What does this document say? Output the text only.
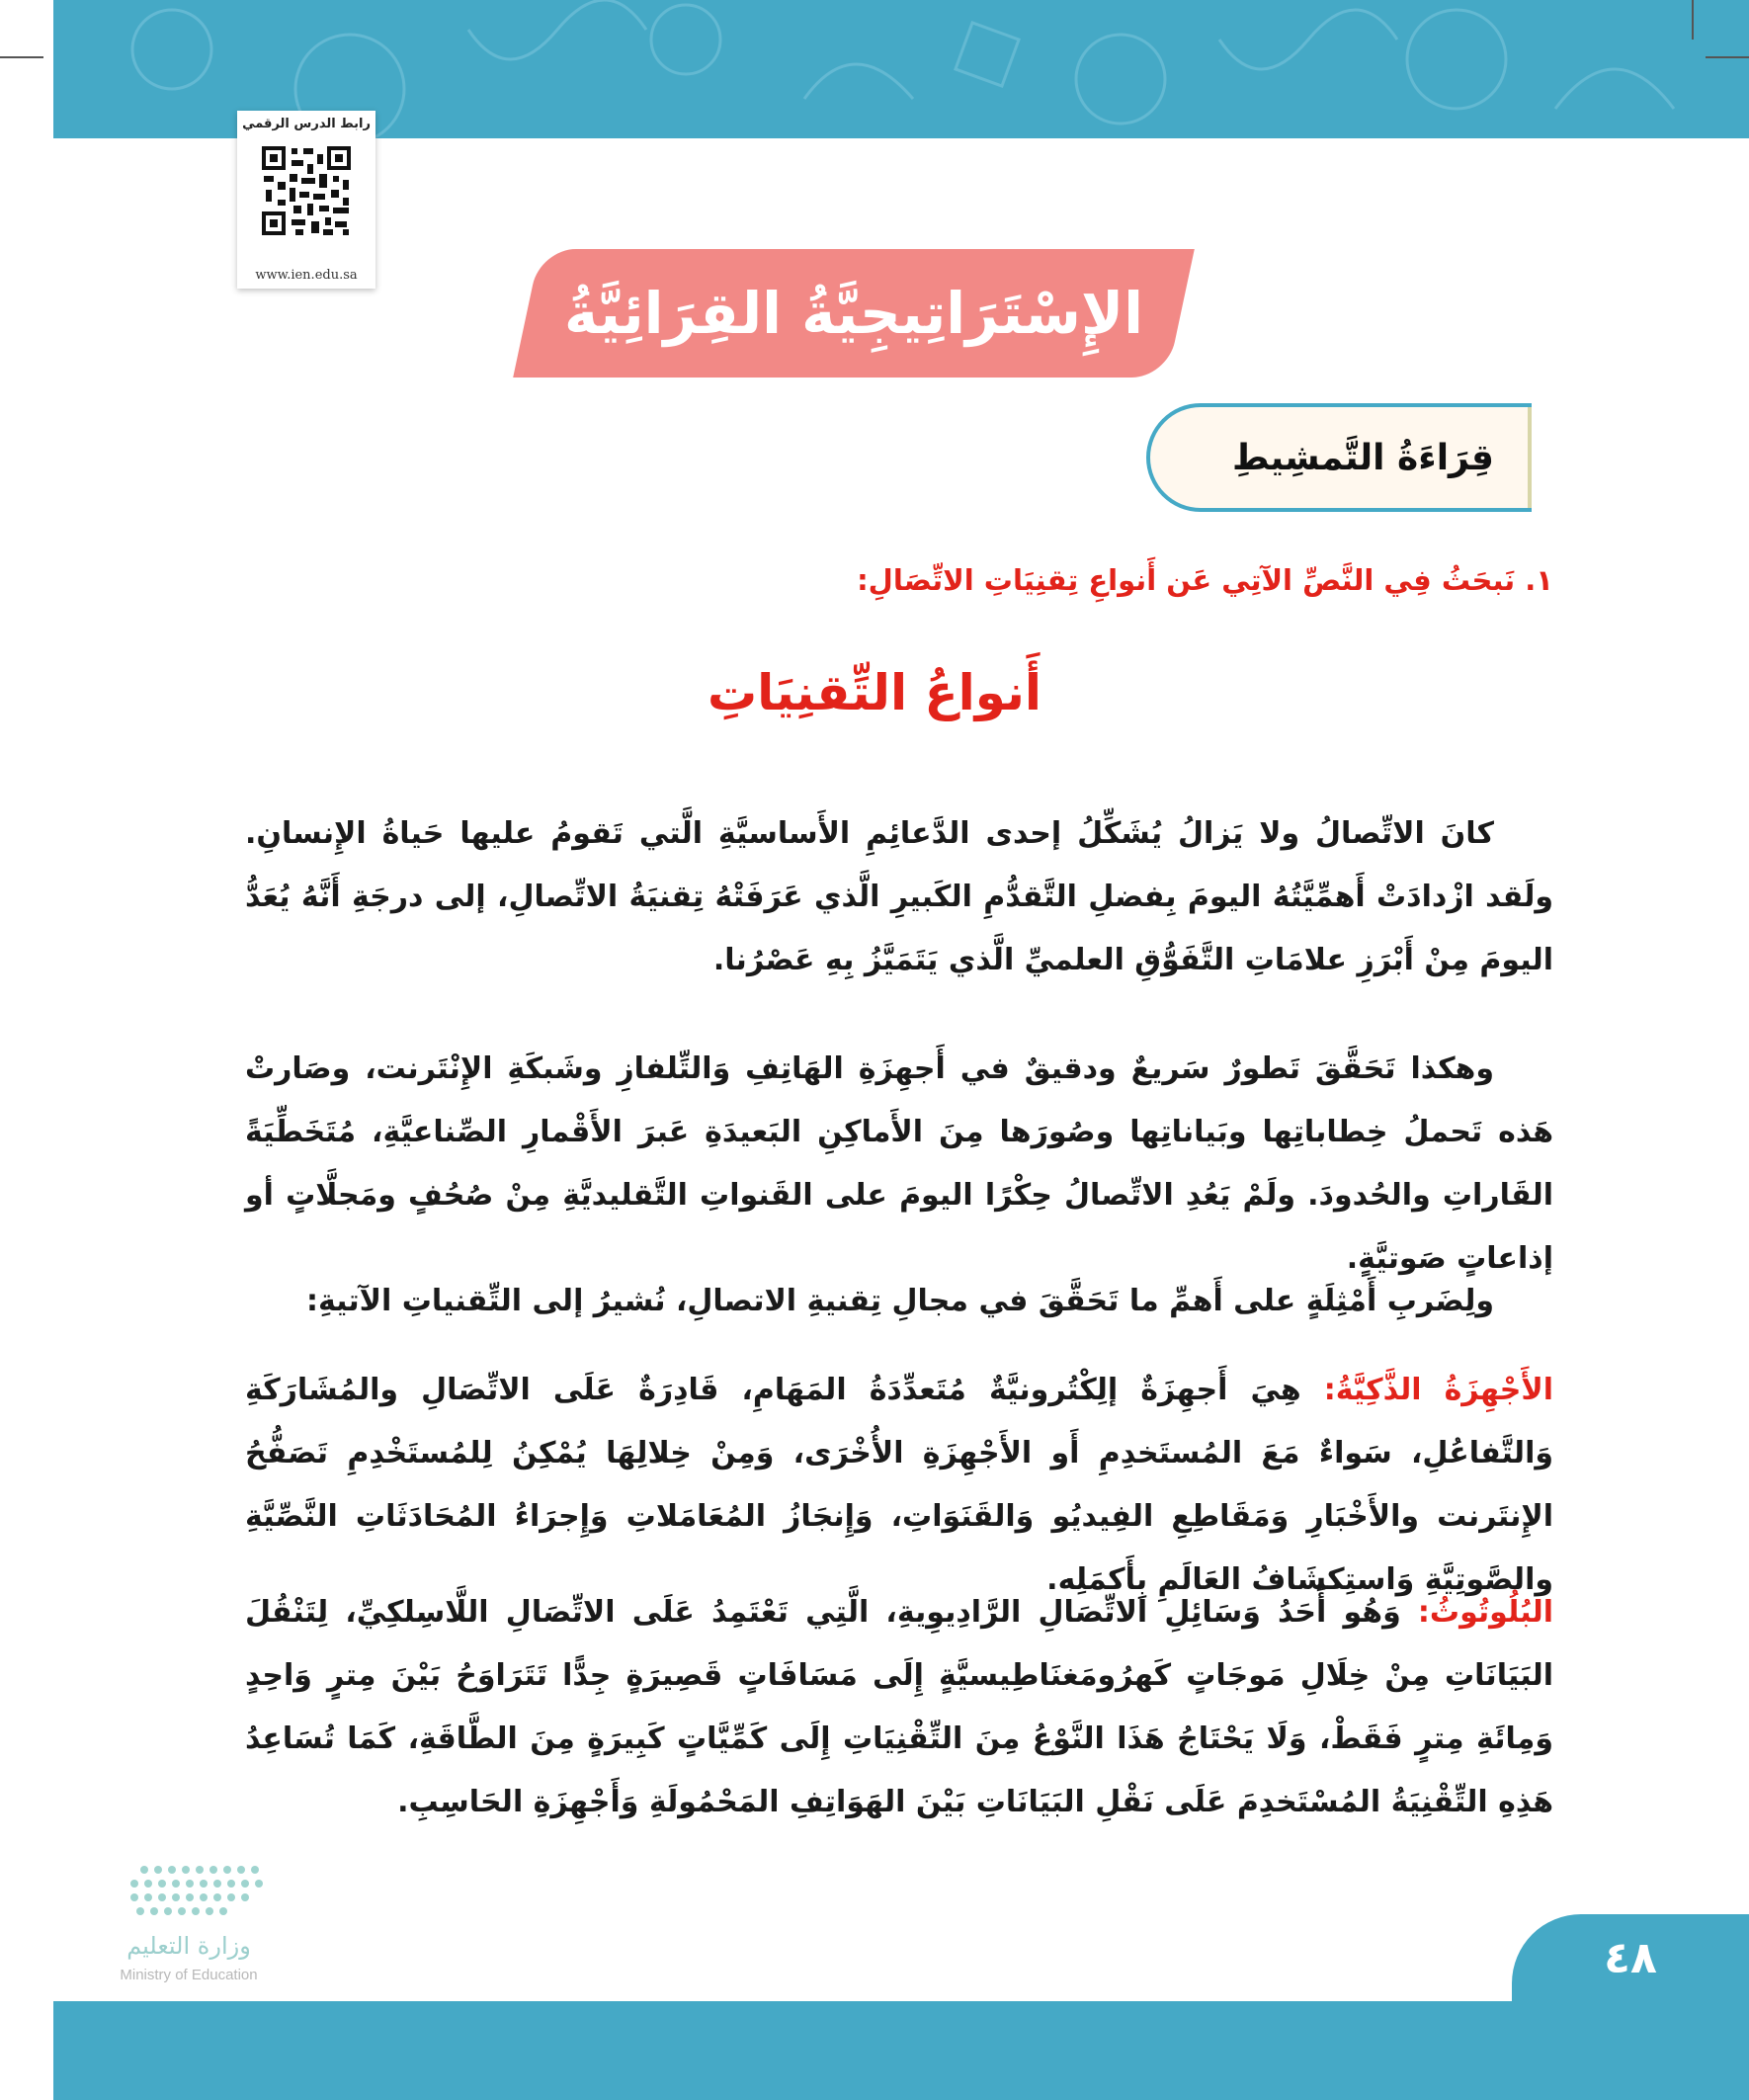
رابط الدرس الرقمي
www.ien.edu.sa
الإِسْتَرَاتِيجِيَّةُ القِرَائِيَّةُ
قِرَاءَةُ التَّمشِيطِ
١. نَبحَثُ فِي النَّصِّ الآتِي عَن أَنواعِ تِقنِيَاتِ الاتِّصَالِ:
أَنواعُ التِّقنِيَاتِ

كانَ الاتِّصالُ ولا يَزالُ يُشَكِّلُ إحدى الدَّعائِمِ الأَساسيَّةِ الَّتي تَقومُ عليها حَياةُ الإِنسانِ. ولَقد ازْدادَتْ أَهمِّيَّتُهُ اليومَ بِفضلِ التَّقدُّمِ الكَبيرِ الَّذي عَرَفَتْهُ تِقنيَةُ الاتِّصالِ، إلى درجَةِ أَنَّهُ يُعَدُّ اليومَ مِنْ أَبْرَزِ علامَاتِ التَّفَوُّقِ العلميِّ الَّذي يَتَمَيَّزُ بِهِ عَصْرُنا.

وهكذا تَحَقَّقَ تَطورٌ سَريعٌ ودقيقٌ في أَجهِزَةِ الهَاتِفِ وَالتِّلفازِ وشَبكَةِ الإِنْتَرنت، وصَارتْ هَذه تَحملُ خِطاباتِها وبَياناتِها وصُورَها مِنَ الأَماكِنِ البَعيدَةِ عَبرَ الأَقْمارِ الصِّناعيَّةِ، مُتَخَطِّيَةً القَاراتِ والحُدودَ. ولَمْ يَعُدِ الاتِّصالُ حِكْرًا اليومَ على القَنواتِ التَّقليديَّةِ مِنْ صُحُفٍ ومَجلَّاتٍ أو إذاعاتٍ صَوتيَّةٍ.

ولِضَربِ أَمْثِلَةٍ على أَهمِّ ما تَحَقَّقَ في مجالِ تِقنيةِ الاتصالِ، نُشيرُ إلى التِّقنياتِ الآتيةِ:

الأَجْهِزَةُ الذَّكِيَّةُ: هِيَ أَجهِزَةٌ إلِكْتُرونيَّةٌ مُتَعدِّدَةُ المَهَامِ، قَادِرَةٌ عَلَى الاتِّصَالِ والمُشَارَكَةِ وَالتَّفاعُلِ، سَواءٌ مَعَ المُستَخدِمِ أَو الأَجْهِزَةِ الأُخْرَى، وَمِنْ خِلالِهَا يُمْكِنُ لِلمُستَخْدِمِ تَصَفُّحُ الإِنتَرنت والأَخْبَارِ وَمَقَاطِعِ الفِيديُو وَالقَنَوَاتِ، وَإِنجَازُ المُعَامَلاتِ وَإِجرَاءُ المُحَادَثَاتِ النَّصِّيَّةِ والصَّوتِيَّةِ وَاستِكشَافُ العَالَمِ بِأَكمَلِه.

البُلُوتُوثُ: وَهُو أَحَدُ وَسَائِلِ الاتِّصَالِ الرَّادِيوِيةِ، الَّتِي تَعْتَمِدُ عَلَى الاتِّصَالِ اللَّاسِلكِيِّ، لِتَنْقُلَ البَيَانَاتِ مِنْ خِلَالِ مَوجَاتٍ كَهرُومَغنَاطِيسيَّةٍ إِلَى مَسَافَاتٍ قَصِيرَةٍ جِدًّا تَتَرَاوَحُ بَيْنَ مِترٍ وَاحِدٍ وَمِائَةِ مِترٍ فَقَطْ، وَلَا يَحْتَاجُ هَذَا النَّوْعُ مِنَ التِّقْنِيَاتِ إِلَى كَمِّيَّاتٍ كَبِيرَةٍ مِنَ الطَّاقَةِ، كَمَا تُسَاعِدُ هَذِهِ التِّقْنِيَةُ المُسْتَخدِمَ عَلَى نَقْلِ البَيَانَاتِ بَيْنَ الهَوَاتِفِ المَحْمُولَةِ وَأَجْهِزَةِ الحَاسِبِ.

وزارة التعليم
Ministry of Education	٤٨
